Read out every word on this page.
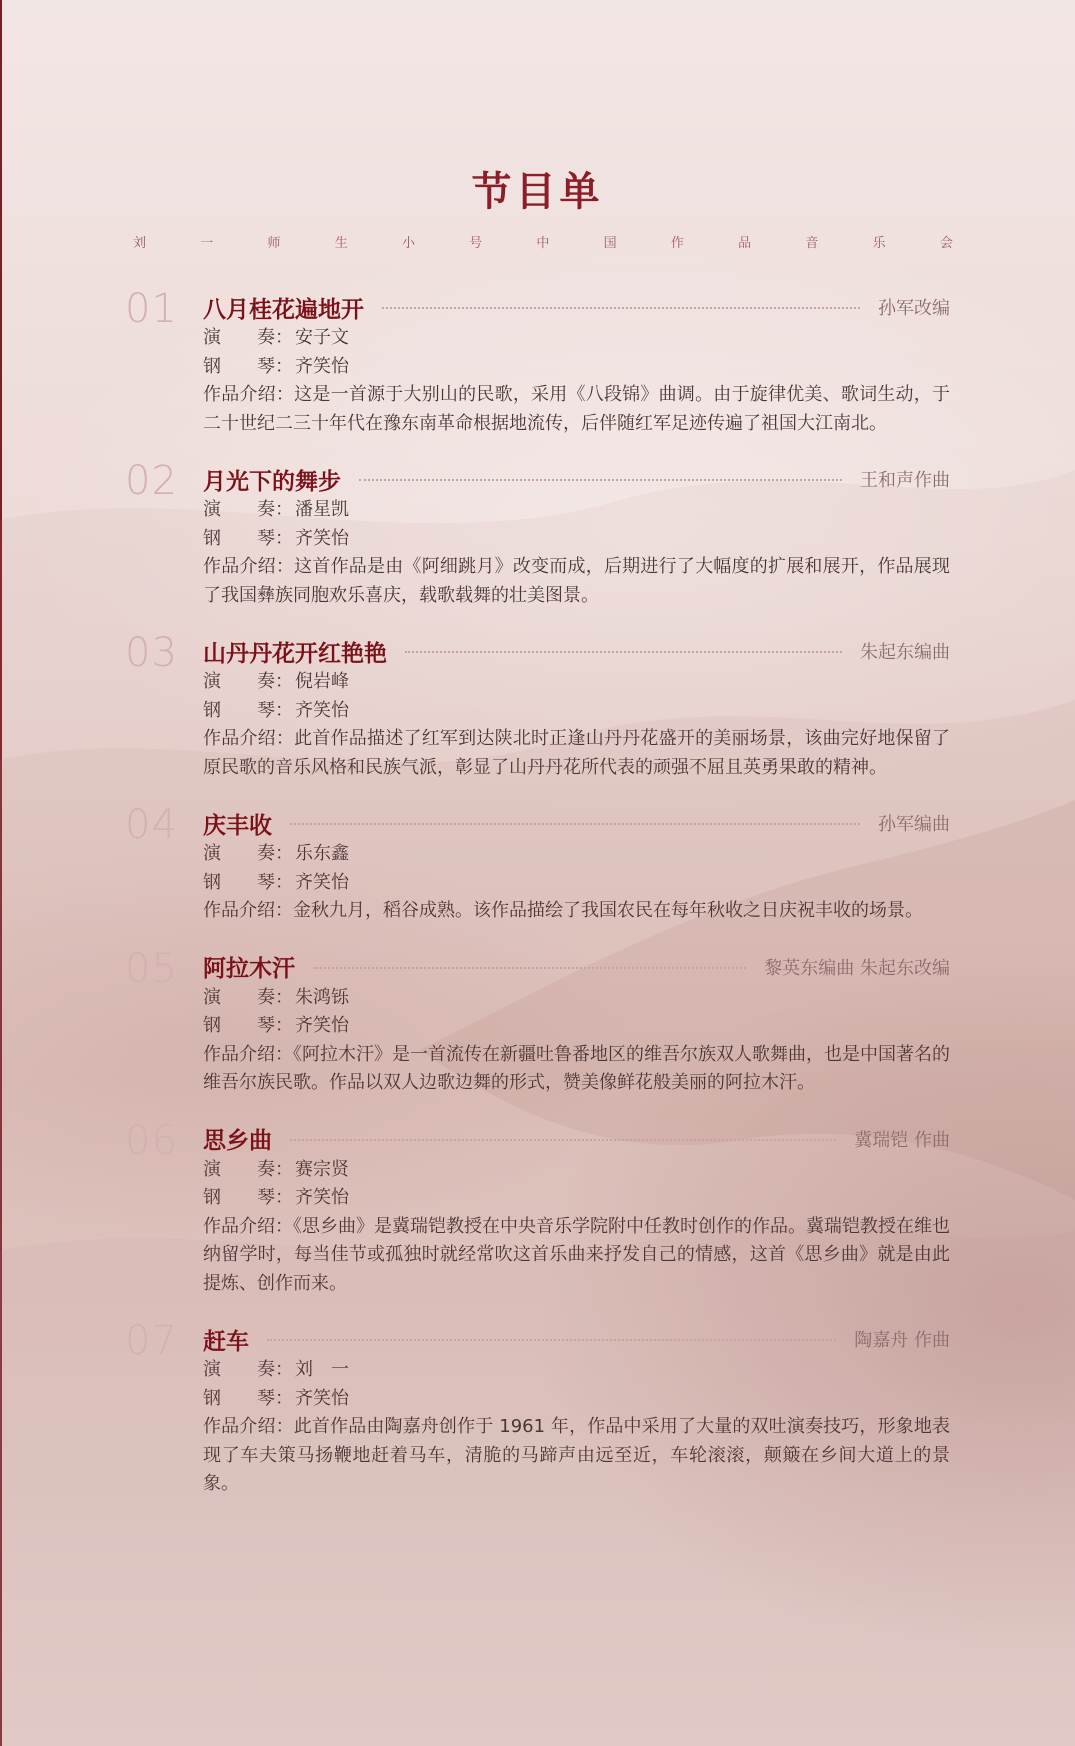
节目单
刘	一	师	生	小	号	中	国	作	品	音	乐	会
01	八月桂花遍地开	孙军改编
演　　奏： 安子文
钢　　琴： 齐笑怡
作品介绍：这是一首源于大别山的民歌，采用《八段锦》曲调。由于旋律优美、歌词生动，于二十世纪二三十年代在豫东南革命根据地流传，后伴随红军足迹传遍了祖国大江南北。
02	月光下的舞步	王和声作曲
演　　奏： 潘星凯
钢　　琴： 齐笑怡
作品介绍：这首作品是由《阿细跳月》改变而成，后期进行了大幅度的扩展和展开，作品展现了我国彝族同胞欢乐喜庆，载歌载舞的壮美图景。
03	山丹丹花开红艳艳	朱起东编曲
演　　奏： 倪岩峰
钢　　琴： 齐笑怡
作品介绍：此首作品描述了红军到达陕北时正逢山丹丹花盛开的美丽场景，该曲完好地保留了原民歌的音乐风格和民族气派，彰显了山丹丹花所代表的顽强不屈且英勇果敢的精神。
04	庆丰收	孙军编曲
演　　奏： 乐东鑫
钢　　琴： 齐笑怡
作品介绍：金秋九月，稻谷成熟。该作品描绘了我国农民在每年秋收之日庆祝丰收的场景。
05	阿拉木汗	黎英东编曲 朱起东改编
演　　奏： 朱鸿铄
钢　　琴： 齐笑怡
作品介绍：《阿拉木汗》是一首流传在新疆吐鲁番地区的维吾尔族双人歌舞曲，也是中国著名的维吾尔族民歌。作品以双人边歌边舞的形式，赞美像鲜花般美丽的阿拉木汗。
06	思乡曲	冀瑞铠 作曲
演　　奏： 赛宗贤
钢　　琴： 齐笑怡
作品介绍：《思乡曲》是冀瑞铠教授在中央音乐学院附中任教时创作的作品。冀瑞铠教授在维也纳留学时，每当佳节或孤独时就经常吹这首乐曲来抒发自己的情感，这首《思乡曲》就是由此提炼、创作而来。
07	赶车	陶嘉舟 作曲
演　　奏： 刘　一
钢　　琴： 齐笑怡
作品介绍：此首作品由陶嘉舟创作于 1961 年，作品中采用了大量的双吐演奏技巧，形象地表现了车夫策马扬鞭地赶着马车，清脆的马蹄声由远至近，车轮滚滚，颠簸在乡间大道上的景象。
